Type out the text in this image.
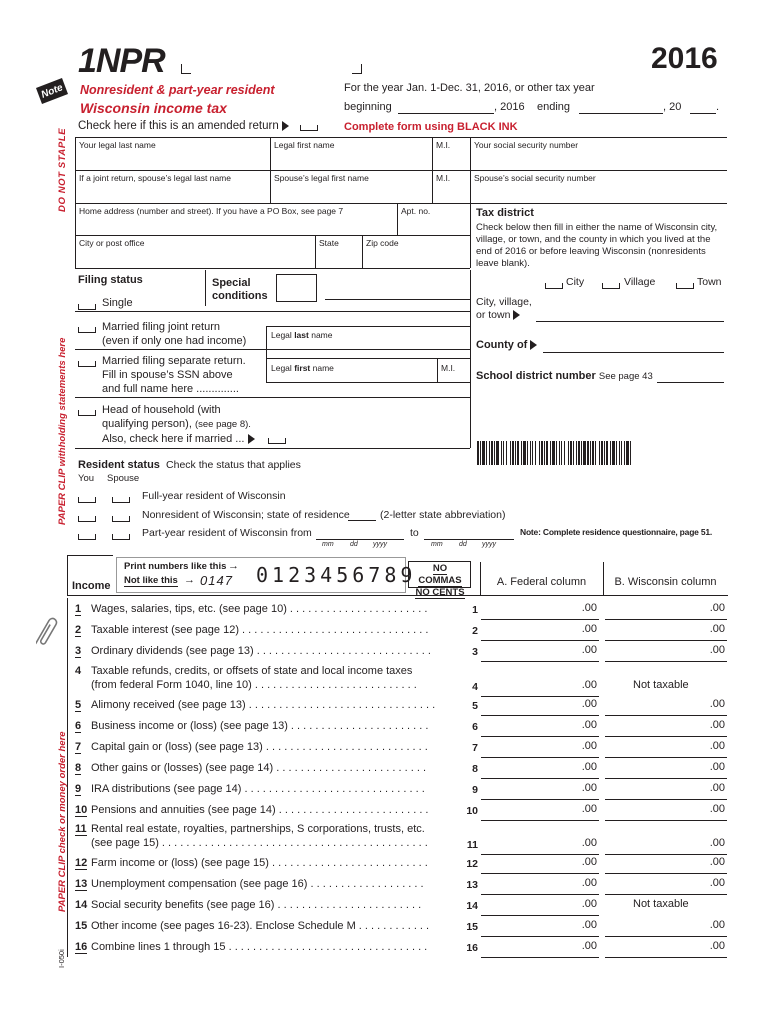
DO NOT STAPLE
PAPER CLIP withholding statements here
PAPER CLIP check or money order here
I-050i
Note
1NPR	2016
Nonresident & part-year resident
Wisconsin income tax
Check here if this is an amended return
For the year Jan. 1-Dec. 31, 2016, or other tax year
beginning	, 2016 ending	, 20	.
Complete form using BLACK INK
Your legal last name	Legal first name	M.I.	Your social security number
If a joint return, spouse’s legal last name	Spouse’s legal first name	M.I.	Spouse’s social security number
Home address (number and street). If you have a PO Box, see page 7	Apt. no.
City or post office	State	Zip code
Tax district
Check below then fill in either the name of Wisconsin city, village, or town, and the county in which you lived at the end of 2016 or before leaving Wisconsin (nonresidents leave blank).
City	Village	Town
City, village,
or town
County of
School district number See page 43
Filing status	Special
conditions
Single
Married filing joint return
(even if only one had income)
Married filing separate return.
Fill in spouse’s SSN above
and full name here ..............
Legal last name
Legal first name	M.I.
Head of household (with
qualifying person), (see page 8).
Also, check here if married ...
Resident status Check the status that applies
You Spouse
Full-year resident of Wisconsin
Nonresident of Wisconsin; state of residence	(2-letter state abbreviation)
Part-year resident of Wisconsin from	to
mm dd yyyy	mm dd yyyy
Note: Complete residence questionnaire, page 51.
Income
Print numbers like this →
Not like this → 0147 0123456789	NO COMMAS
NO CENTS
A. Federal column	B. Wisconsin column
1 Wages, salaries, tips, etc. (see page 10) . . . . . . . . . . . . . . . . . . . . . . .	1	.00	.00
2 Taxable interest (see page 12) . . . . . . . . . . . . . . . . . . . . . . . . . . . . . . .	2	.00	.00
3 Ordinary dividends (see page 13) . . . . . . . . . . . . . . . . . . . . . . . . . . . . .	3	.00	.00
4 Taxable refunds, credits, or offsets of state and local income taxes
(from federal Form 1040, line 10) . . . . . . . . . . . . . . . . . . . . . . . . . . .	4	.00	Not taxable
5 Alimony received (see page 13) . . . . . . . . . . . . . . . . . . . . . . . . . . . . . . .	5	.00	.00
6 Business income or (loss) (see page 13) . . . . . . . . . . . . . . . . . . . . . . .	6	.00	.00
7 Capital gain or (loss) (see page 13) . . . . . . . . . . . . . . . . . . . . . . . . . . .	7	.00	.00
8 Other gains or (losses) (see page 14) . . . . . . . . . . . . . . . . . . . . . . . . .	8	.00	.00
9 IRA distributions (see page 14) . . . . . . . . . . . . . . . . . . . . . . . . . . . . . .	9	.00	.00
10 Pensions and annuities (see page 14) . . . . . . . . . . . . . . . . . . . . . . . . .	10	.00	.00
11 Rental real estate, royalties, partnerships, S corporations, trusts, etc.
(see page 15) . . . . . . . . . . . . . . . . . . . . . . . . . . . . . . . . . . . . . . . . . . . .	11	.00	.00
12 Farm income or (loss) (see page 15) . . . . . . . . . . . . . . . . . . . . . . . . . .	12	.00	.00
13 Unemployment compensation (see page 16) . . . . . . . . . . . . . . . . . . .	13	.00	.00
14 Social security benefits (see page 16) . . . . . . . . . . . . . . . . . . . . . . . .	14	.00	Not taxable
15 Other income (see pages 16-23). Enclose Schedule M . . . . . . . . . . . .	15	.00	.00
16 Combine lines 1 through 15 . . . . . . . . . . . . . . . . . . . . . . . . . . . . . . . . .	16	.00	.00
